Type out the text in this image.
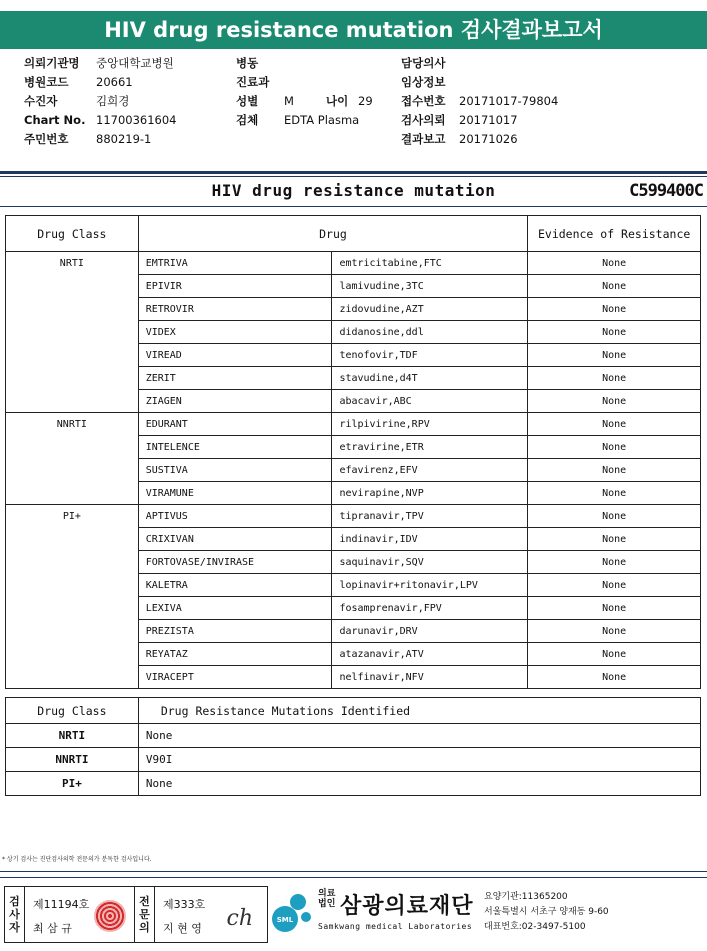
HIV drug resistance mutation 검사결과보고서
의뢰기관명	중앙대학교병원
병원코드	20661
수진자	김희경
Chart No. 11700361604
주민번호	880219-1
병동
진료과
성별	M	나이 29
검체	EDTA Plasma
담당의사
임상정보
접수번호	20171017-79804
검사의뢰	20171017
결과보고	20171026
HIV drug resistance mutation	C599400C
Drug Class	Drug		Evidence of Resistance
NRTI	EMTRIVA	emtricitabine,FTC	None
	EPIVIR	lamivudine,3TC	None
	RETROVIR	zidovudine,AZT	None
	VIDEX	didanosine,ddl	None
	VIREAD	tenofovir,TDF	None
	ZERIT	stavudine,d4T	None
	ZIAGEN	abacavir,ABC	None
NNRTI	EDURANT	rilpivirine,RPV	None
	INTELENCE	etravirine,ETR	None
	SUSTIVA	efavirenz,EFV	None
	VIRAMUNE	nevirapine,NVP	None
PI+	APTIVUS	tipranavir,TPV	None
	CRIXIVAN	indinavir,IDV	None
	FORTOVASE/INVIRASE	saquinavir,SQV	None
	KALETRA	lopinavir+ritonavir,LPV	None
	LEXIVA	fosamprenavir,FPV	None
	PREZISTA	darunavir,DRV	None
	REYATAZ	atazanavir,ATV	None
	VIRACEPT	nelfinavir,NFV	None
Drug Class	Drug Resistance Mutations Identified
NRTI	None
NNRTI	V90I
PI+	None
* 상기 검사는 진단검사의학 전문의가 분독한 검사입니다.
검
사
자
제11194호
최 삼 규
전
문
의
제333호
지 현 영	ch	SML
의료
법인 삼광의료재단
Samkwang medical Laboratories
요양기관:11365200
서울특별시 서초구 양재동 9-60
대표번호:02-3497-5100
